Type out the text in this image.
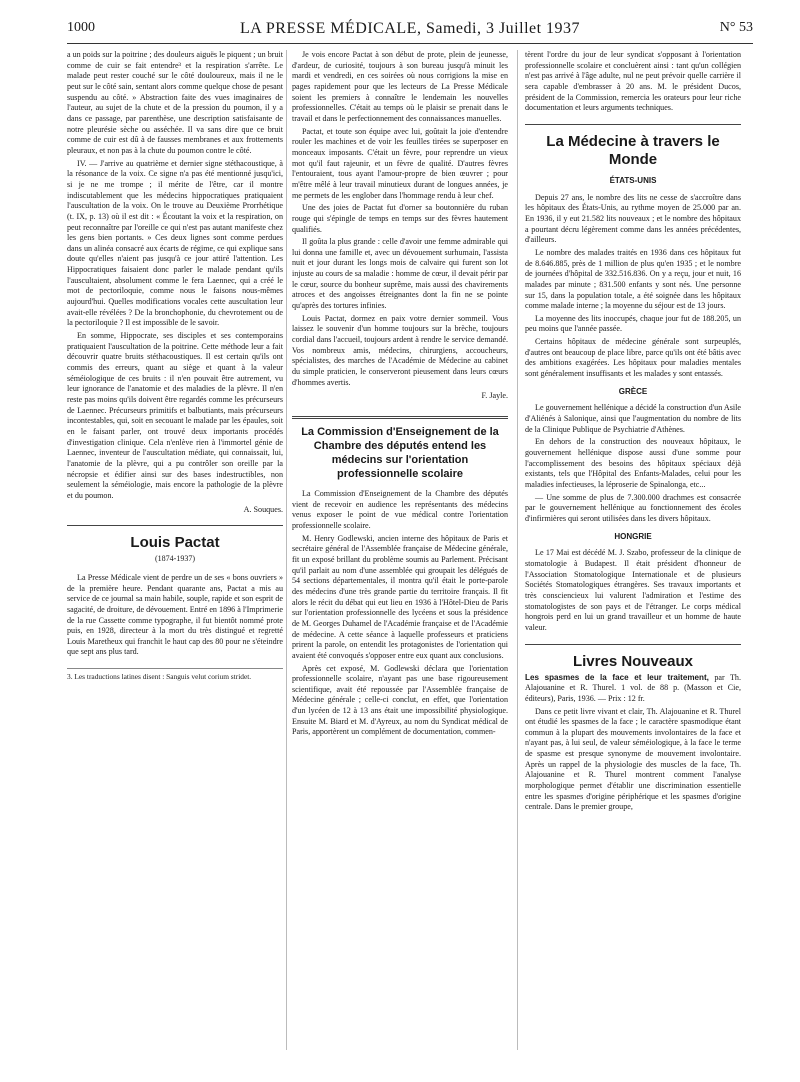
1000	LA PRESSE MÉDICALE, Samedi, 3 Juillet 1937	N° 53

a un poids sur la poitrine ; des douleurs aiguës le piquent ; un bruit comme de cuir se fait entendre³ et la respiration s'arrête. Le malade peut rester couché sur le côté douloureux, mais il ne le peut sur le côté sain, sentant alors comme quelque chose de pesant suspendu au côté. » Abstraction faite des vues imaginaires de l'auteur, au sujet de la chute et de la pression du poumon, il y a dans ce passage, par parenthèse, une description satisfaisante de notre pleurésie sèche ou asséchée. Il va sans dire que ce bruit comme de cuir est dû à de fausses membranes et aux frottements pleuraux, et non pas à la chute du poumon contre le côté.

IV. — J'arrive au quatrième et dernier signe stéthacoustique, à la résonance de la voix. Ce signe n'a pas été mentionné jusqu'ici, si je ne me trompe ; il mérite de l'être, car il montre indiscutablement que les médecins hippocratiques pratiquaient l'auscultation de la voix. On le trouve au Deuxième Prorrhétique (t. IX, p. 13) où il est dit : « Écoutant la voix et la respiration, on peut reconnaître par l'oreille ce qui n'est pas autant manifeste chez les gens bien portants. » Ces deux lignes sont comme perdues dans un alinéa consacré aux écarts de régime, ce qui explique sans doute qu'elles n'aient pas jusqu'à ce jour attiré l'attention. Les Hippocratiques faisaient donc parler le malade pendant qu'ils l'auscultaient, absolument comme le fera Laennec, qui a créé le mot de pectoriloquie, comme nous le faisons nous-mêmes aujourd'hui. Quelles modifications vocales cette auscultation leur avait-elle révélées ? De la bronchophonie, du chevrotement ou de la pectoriloquie ? Il est impossible de le savoir.

En somme, Hippocrate, ses disciples et ses contemporains pratiquaient l'auscultation de la poitrine. Cette méthode leur a fait découvrir quatre bruits stéthacoustiques. Il est certain qu'ils ont commis des erreurs, quant au siège et quant à la valeur séméiologique de ces bruits : il n'en pouvait être autrement, vu leur ignorance de l'anatomie et des maladies de la plèvre. Il n'en reste pas moins qu'ils doivent être regardés comme les précurseurs de Laennec. Précurseurs primitifs et balbutiants, mais précurseurs incontestables, qui, soit en secouant le malade par les épaules, soit en le faisant parler, ont trouvé deux importants procédés d'investigation clinique. Cela n'enlève rien à l'immortel génie de Laennec, inventeur de l'auscultation médiate, qui connaissait, lui, l'anatomie de la plèvre, qui a pu contrôler son oreille par la nécropsie et édifier ainsi sur des bases indestructibles, non seulement la séméiologie, mais encore la pathologie de la plèvre et du poumon.

A. Souques.

Louis Pactat
(1874-1937)

La Presse Médicale vient de perdre un de ses « bons ouvriers » de la première heure. Pendant quarante ans, Pactat a mis au service de ce journal sa main habile, souple, rapide et son esprit de sagacité, de droiture, de dévouement. Entré en 1896 à l'Imprimerie de la rue Cassette comme typographe, il fut bientôt nommé prote puis, en 1928, directeur à la mort du très distingué et regretté Louis Maretheux qui franchit le haut cap des 80 pour ne s'éteindre que sept ans plus tard.

3. Les traductions latines disent : Sanguis velut corium stridet.

Je vois encore Pactat à son début de prote, plein de jeunesse, d'ardeur, de curiosité, toujours à son bureau jusqu'à minuit les mardi et vendredi, en ces soirées où nous corrigions la mise en pages rapidement pour que les lecteurs de La Presse Médicale soient les premiers à connaître le lendemain les nouvelles professionnelles. C'était au temps où le plaisir se prenait dans le travail et dans le perfectionnement des connaissances manuelles.

Pactat, et toute son équipe avec lui, goûtait la joie d'entendre rouler les machines et de voir les feuilles tirées se superposer en monceaux imposants. C'était un fèvre, pour reprendre un vieux mot qu'il faut rajeunir, et un fèvre de qualité. D'autres fèvres l'entouraient, tous ayant l'amour-propre de bien œuvrer ; pour m'être mêlé à leur travail minutieux durant de longues années, je me permets de les englober dans l'hommage rendu à leur chef.

Une des joies de Pactat fut d'orner sa boutonnière du ruban rouge qui s'épingle de temps en temps sur des fèvres hautement qualifiés.

Il goûta la plus grande : celle d'avoir une femme admirable qui lui donna une famille et, avec un dévouement surhumain, l'assista nuit et jour durant les longs mois de calvaire qui furent son lot injuste au cours de sa maladie : homme de cœur, il devait périr par le cœur, source du bonheur suprême, mais aussi des chavirements atroces et des angoisses étreignantes dont la fin ne se pointe qu'après des tortures infinies.

Louis Pactat, dormez en paix votre dernier sommeil. Vous laissez le souvenir d'un homme toujours sur la brèche, toujours cordial dans l'accueil, toujours ardent à rendre le service demandé. Vos nombreux amis, médecins, chirurgiens, accoucheurs, spécialistes, des marches de l'Académie de Médecine au cabinet du simple praticien, le conserveront pieusement dans leurs cœurs d'hommes avertis.

F. Jayle.

La Commission d'Enseignement de la Chambre des députés entend les médecins sur l'orientation professionnelle scolaire

La Commission d'Enseignement de la Chambre des députés vient de recevoir en audience les représentants des médecins venus exposer le point de vue médical contre l'orientation professionnelle scolaire.

M. Henry Godlewski, ancien interne des hôpitaux de Paris et secrétaire général de l'Assemblée française de Médecine générale, fit un exposé brillant du problème soumis au Parlement. Précisant qu'il parlait au nom d'une assemblée qui groupait les délégués de 54 sections départementales, il montra qu'il était le porte-parole des médecins d'une très grande partie du territoire français. Il fit alors le récit du débat qui eut lieu en 1936 à l'Hôtel-Dieu de Paris sur l'orientation professionnelle des lycéens et sous la présidence de M. Georges Duhamel de l'Académie française et de l'Académie de médecine. A cette séance à laquelle professeurs et praticiens prirent la parole, on entendit les protagonistes de l'orientation qui avaient été convoqués s'opposer entre eux quant aux conclusions.

Après cet exposé, M. Godlewski déclara que l'orientation professionnelle scolaire, n'ayant pas une base rigoureusement scientifique, avait été repoussée par l'Assemblée française de Médecine générale ; celle-ci conclut, en effet, que l'orientation d'un lycéen de 12 à 13 ans était une impossibilité physiologique. Ensuite M. Biard et M. d'Ayreux, au nom du Syndicat médical de Paris, apportèrent un complément de documentation, commen-

tèrent l'ordre du jour de leur syndicat s'opposant à l'orientation professionnelle scolaire et concluèrent ainsi : tant qu'un collégien n'est pas arrivé à l'âge adulte, nul ne peut prévoir quelle carrière il sera capable d'embrasser à 20 ans. M. le président Ducos, président de la Commission, remercia les orateurs pour leur riche documentation et leurs arguments techniques.

La Médecine à travers le Monde
ÉTATS-UNIS

Depuis 27 ans, le nombre des lits ne cesse de s'accroître dans les hôpitaux des États-Unis, au rythme moyen de 25.000 par an. En 1936, il y eut 21.582 lits nouveaux ; et le nombre des hôpitaux a pourtant décru légèrement comme dans les années précédentes, d'ailleurs.

Le nombre des malades traités en 1936 dans ces hôpitaux fut de 8.646.885, près de 1 million de plus qu'en 1935 ; et le nombre de journées d'hôpital de 332.516.836. On y a reçu, jour et nuit, 16 malades par minute ; 831.500 enfants y sont nés. Une personne sur 15, dans la population totale, a été soignée dans les hôpitaux comme malade interne ; la moyenne du séjour est de 13 jours.

La moyenne des lits inoccupés, chaque jour fut de 188.205, un peu moins que l'année passée.

Certains hôpitaux de médecine générale sont surpeuplés, d'autres ont beaucoup de place libre, parce qu'ils ont été bâtis avec des ambitions exagérées. Les hôpitaux pour maladies mentales sont généralement insuffisants et les malades y sont entassés.

GRÈCE

Le gouvernement hellénique a décidé la construction d'un Asile d'Aliénés à Salonique, ainsi que l'augmentation du nombre de lits de la Clinique Publique de Psychiatrie d'Athènes.

En dehors de la construction des nouveaux hôpitaux, le gouvernement hellénique dispose aussi d'une somme pour l'accomplissement des besoins des hôpitaux spéciaux déjà existants, tels que l'Hôpital des Enfants-Malades, celui pour les maladies infectieuses, la léproserie de Spinalonga, etc...

— Une somme de plus de 7.300.000 drachmes est consacrée par le gouvernement hellénique au fonctionnement des écoles d'infirmières qui seront utilisées dans les divers hôpitaux.

HONGRIE

Le 17 Mai est décédé M. J. Szabo, professeur de la clinique de stomatologie à Budapest. Il était président d'honneur de l'Association Stomatologique Internationale et de plusieurs Sociétés Stomatologiques étrangères. Ses travaux importants et très consciencieux lui valurent l'admiration et l'estime des stomatologistes de son pays et de l'étranger. Le corps médical hongrois perd en lui un grand travailleur et un homme de haute valeur.

Livres Nouveaux

Les spasmes de la face et leur traitement, par Th. Alajouanine et R. Thurel. 1 vol. de 88 p. (Masson et Cie, éditeurs), Paris, 1936. — Prix : 12 fr.

Dans ce petit livre vivant et clair, Th. Alajouanine et R. Thurel ont étudié les spasmes de la face ; le caractère spasmodique étant commun à la plupart des mouvements involontaires de la face et n'ayant pas, à lui seul, de valeur séméiologique, à la face le terme de spasme est presque synonyme de mouvement involontaire. Après un rappel de la physiologie des muscles de la face, Th. Alajouanine et R. Thurel montrent comment l'analyse morphologique permet d'établir une discrimination essentielle entre les spasmes d'origine périphérique et les spasmes d'origine centrale. Dans le premier groupe,
